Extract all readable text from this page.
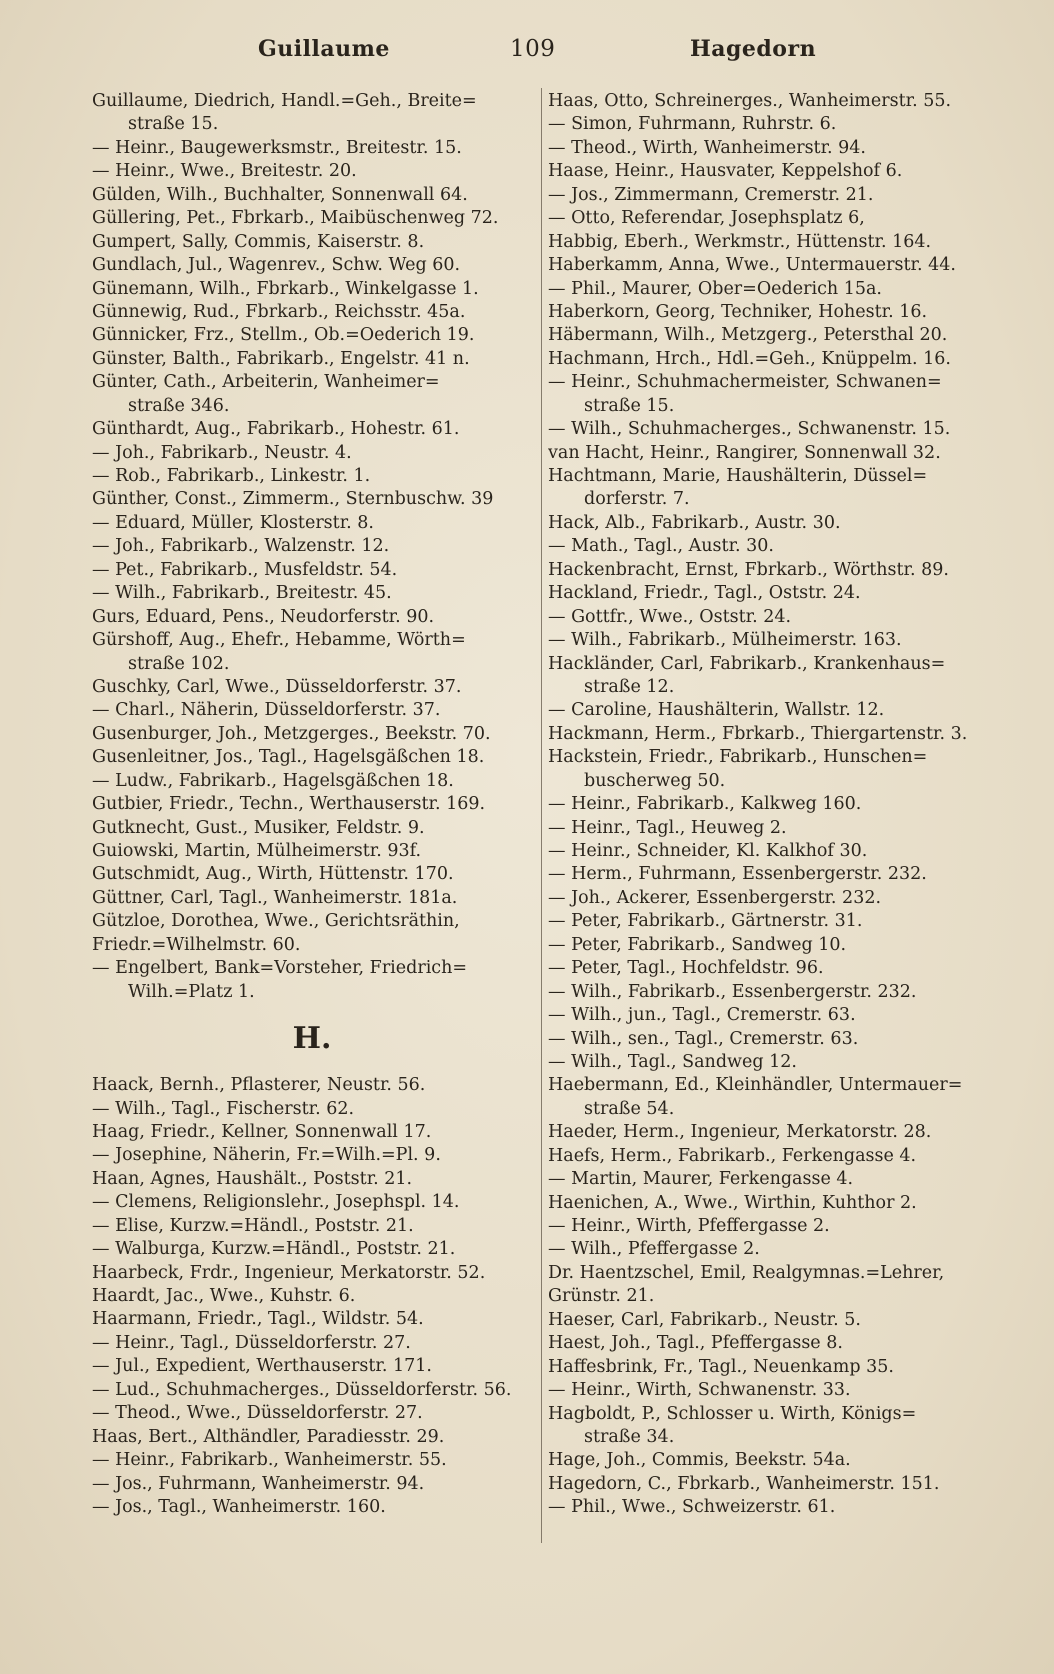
Guillaume	109	Hagedorn
Guillaume, Diedrich, Handl.=Geh., Breite=
straße 15.
— Heinr., Baugewerksmstr., Breitestr. 15.
— Heinr., Wwe., Breitestr. 20.
Gülden, Wilh., Buchhalter, Sonnenwall 64.
Güllering, Pet., Fbrkarb., Maibüschenweg 72.
Gumpert, Sally, Commis, Kaiserstr. 8.
Gundlach, Jul., Wagenrev., Schw. Weg 60.
Günemann, Wilh., Fbrkarb., Winkelgasse 1.
Günnewig, Rud., Fbrkarb., Reichsstr. 45a.
Günnicker, Frz., Stellm., Ob.=Oederich 19.
Günster, Balth., Fabrikarb., Engelstr. 41 n.
Günter, Cath., Arbeiterin, Wanheimer=
straße 346.
Günthardt, Aug., Fabrikarb., Hohestr. 61.
— Joh., Fabrikarb., Neustr. 4.
— Rob., Fabrikarb., Linkestr. 1.
Günther, Const., Zimmerm., Sternbuschw. 39
— Eduard, Müller, Klosterstr. 8.
— Joh., Fabrikarb., Walzenstr. 12.
— Pet., Fabrikarb., Musfeldstr. 54.
— Wilh., Fabrikarb., Breitestr. 45.
Gurs, Eduard, Pens., Neudorferstr. 90.
Gürshoff, Aug., Ehefr., Hebamme, Wörth=
straße 102.
Guschky, Carl, Wwe., Düsseldorferstr. 37.
— Charl., Näherin, Düsseldorferstr. 37.
Gusenburger, Joh., Metzgerges., Beekstr. 70.
Gusenleitner, Jos., Tagl., Hagelsgäßchen 18.
— Ludw., Fabrikarb., Hagelsgäßchen 18.
Gutbier, Friedr., Techn., Werthauserstr. 169.
Gutknecht, Gust., Musiker, Feldstr. 9.
Guiowski, Martin, Mülheimerstr. 93f.
Gutschmidt, Aug., Wirth, Hüttenstr. 170.
Güttner, Carl, Tagl., Wanheimerstr. 181a.
Gützloe, Dorothea, Wwe., Gerichtsräthin,
Friedr.=Wilhelmstr. 60.
— Engelbert, Bank=Vorsteher, Friedrich=
Wilh.=Platz 1.
H.
Haack, Bernh., Pflasterer, Neustr. 56.
— Wilh., Tagl., Fischerstr. 62.
Haag, Friedr., Kellner, Sonnenwall 17.
— Josephine, Näherin, Fr.=Wilh.=Pl. 9.
Haan, Agnes, Haushält., Poststr. 21.
— Clemens, Religionslehr., Josephspl. 14.
— Elise, Kurzw.=Händl., Poststr. 21.
— Walburga, Kurzw.=Händl., Poststr. 21.
Haarbeck, Frdr., Ingenieur, Merkatorstr. 52.
Haardt, Jac., Wwe., Kuhstr. 6.
Haarmann, Friedr., Tagl., Wildstr. 54.
— Heinr., Tagl., Düsseldorferstr. 27.
— Jul., Expedient, Werthauserstr. 171.
— Lud., Schuhmacherges., Düsseldorferstr. 56.
— Theod., Wwe., Düsseldorferstr. 27.
Haas, Bert., Althändler, Paradiesstr. 29.
— Heinr., Fabrikarb., Wanheimerstr. 55.
— Jos., Fuhrmann, Wanheimerstr. 94.
— Jos., Tagl., Wanheimerstr. 160.
Haas, Otto, Schreinerges., Wanheimerstr. 55.
— Simon, Fuhrmann, Ruhrstr. 6.
— Theod., Wirth, Wanheimerstr. 94.
Haase, Heinr., Hausvater, Keppelshof 6.
— Jos., Zimmermann, Cremerstr. 21.
— Otto, Referendar, Josephsplatz 6,
Habbig, Eberh., Werkmstr., Hüttenstr. 164.
Haberkamm, Anna, Wwe., Untermauerstr. 44.
— Phil., Maurer, Ober=Oederich 15a.
Haberkorn, Georg, Techniker, Hohestr. 16.
Häbermann, Wilh., Metzgerg., Petersthal 20.
Hachmann, Hrch., Hdl.=Geh., Knüppelm. 16.
— Heinr., Schuhmachermeister, Schwanen=
straße 15.
— Wilh., Schuhmacherges., Schwanenstr. 15.
van Hacht, Heinr., Rangirer, Sonnenwall 32.
Hachtmann, Marie, Haushälterin, Düssel=
dorferstr. 7.
Hack, Alb., Fabrikarb., Austr. 30.
— Math., Tagl., Austr. 30.
Hackenbracht, Ernst, Fbrkarb., Wörthstr. 89.
Hackland, Friedr., Tagl., Oststr. 24.
— Gottfr., Wwe., Oststr. 24.
— Wilh., Fabrikarb., Mülheimerstr. 163.
Hackländer, Carl, Fabrikarb., Krankenhaus=
straße 12.
— Caroline, Haushälterin, Wallstr. 12.
Hackmann, Herm., Fbrkarb., Thiergartenstr. 3.
Hackstein, Friedr., Fabrikarb., Hunschen=
buscherweg 50.
— Heinr., Fabrikarb., Kalkweg 160.
— Heinr., Tagl., Heuweg 2.
— Heinr., Schneider, Kl. Kalkhof 30.
— Herm., Fuhrmann, Essenbergerstr. 232.
— Joh., Ackerer, Essenbergerstr. 232.
— Peter, Fabrikarb., Gärtnerstr. 31.
— Peter, Fabrikarb., Sandweg 10.
— Peter, Tagl., Hochfeldstr. 96.
— Wilh., Fabrikarb., Essenbergerstr. 232.
— Wilh., jun., Tagl., Cremerstr. 63.
— Wilh., sen., Tagl., Cremerstr. 63.
— Wilh., Tagl., Sandweg 12.
Haebermann, Ed., Kleinhändler, Untermauer=
straße 54.
Haeder, Herm., Ingenieur, Merkatorstr. 28.
Haefs, Herm., Fabrikarb., Ferkengasse 4.
— Martin, Maurer, Ferkengasse 4.
Haenichen, A., Wwe., Wirthin, Kuhthor 2.
— Heinr., Wirth, Pfeffergasse 2.
— Wilh., Pfeffergasse 2.
Dr. Haentzschel, Emil, Realgymnas.=Lehrer,
Grünstr. 21.
Haeser, Carl, Fabrikarb., Neustr. 5.
Haest, Joh., Tagl., Pfeffergasse 8.
Haffesbrink, Fr., Tagl., Neuenkamp 35.
— Heinr., Wirth, Schwanenstr. 33.
Hagboldt, P., Schlosser u. Wirth, Königs=
straße 34.
Hage, Joh., Commis, Beekstr. 54a.
Hagedorn, C., Fbrkarb., Wanheimerstr. 151.
— Phil., Wwe., Schweizerstr. 61.
